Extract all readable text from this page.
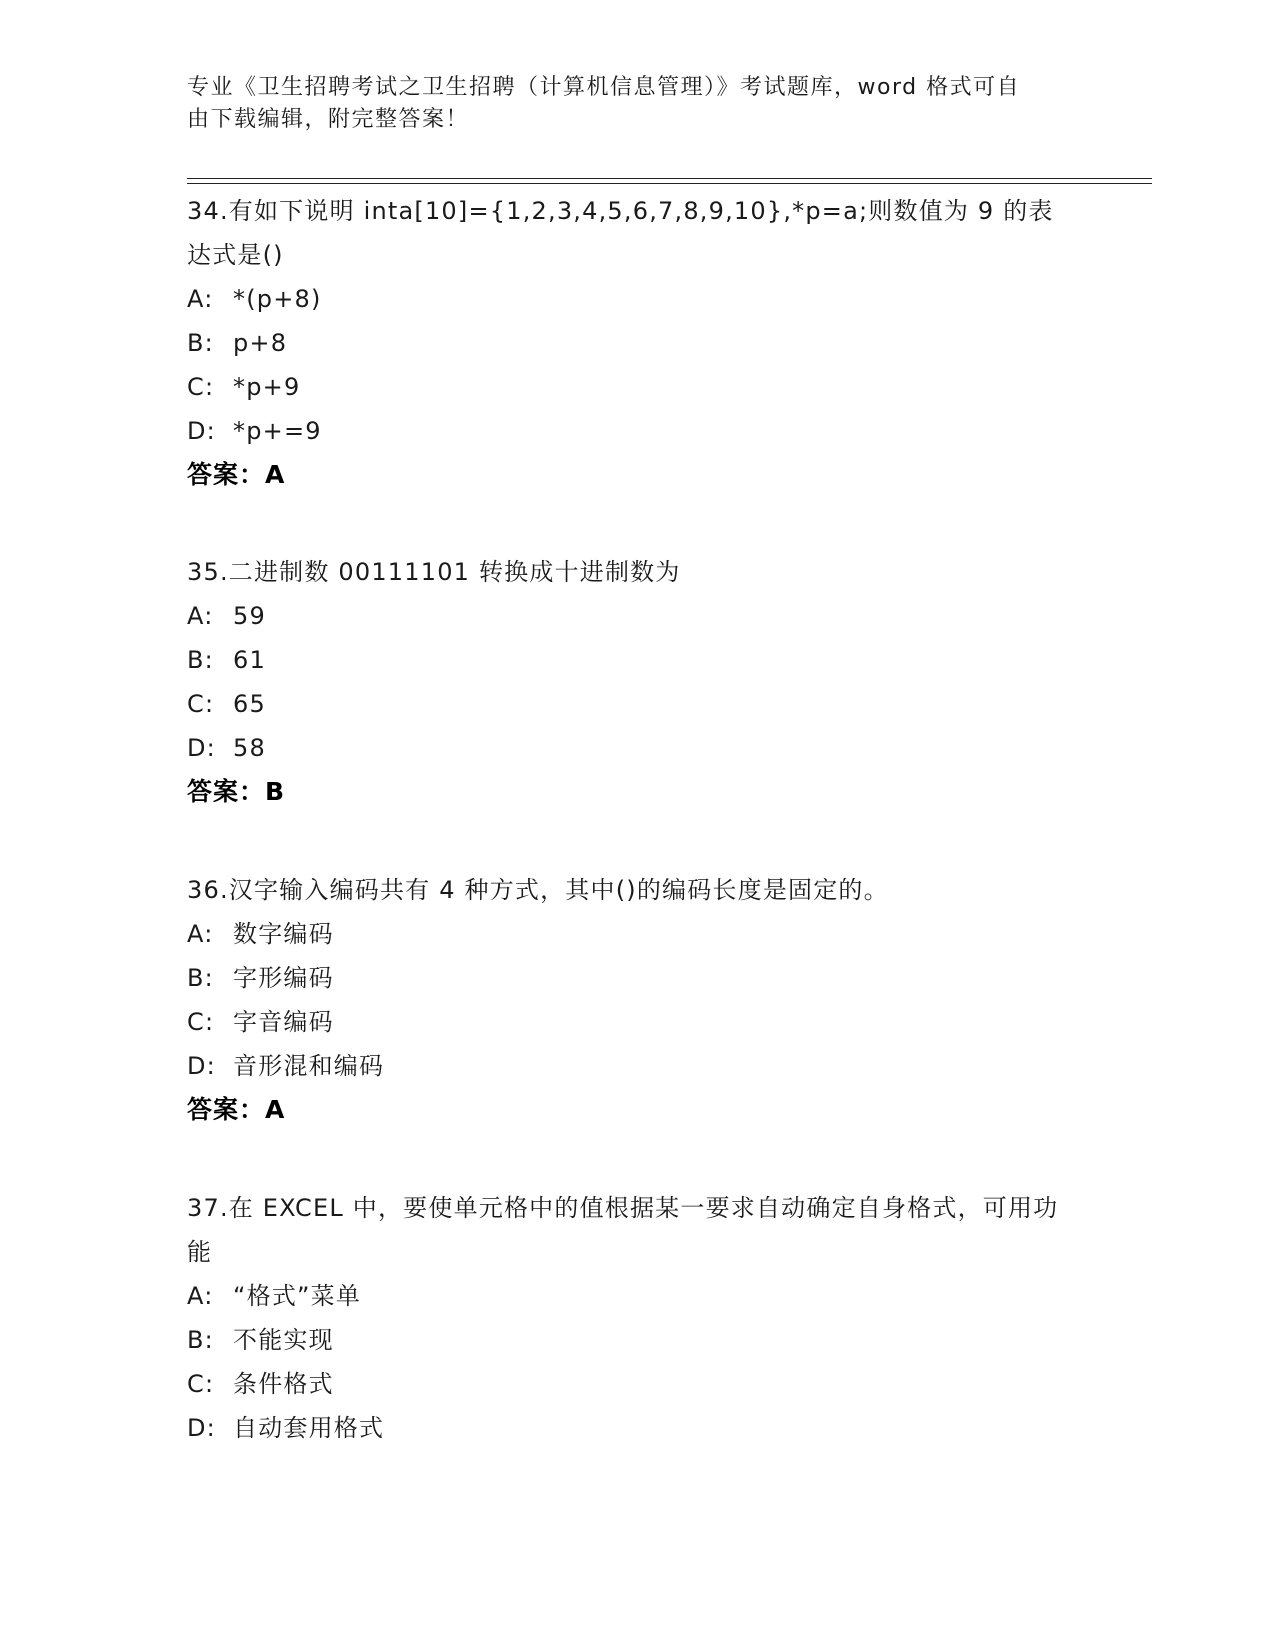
专业《卫生招聘考试之卫生招聘（计算机信息管理）》考试题库，word 格式可自

由下载编辑，附完整答案！

34.有如下说明 inta[10]={1,2,3,4,5,6,7,8,9,10},*p=a;则数值为 9 的表达式是()

A: *(p+8)

B: p+8

C: *p+9

D: *p+=9

答案：A

35.二进制数 00111101 转换成十进制数为

A: 59

B: 61

C: 65

D: 58

答案：B

36.汉字输入编码共有 4 种方式，其中()的编码长度是固定的。

A: 数字编码

B: 字形编码

C: 字音编码

D: 音形混和编码

答案：A

37.在 EXCEL 中，要使单元格中的值根据某一要求自动确定自身格式，可用功能

A: “格式”菜单

B: 不能实现

C: 条件格式

D: 自动套用格式
